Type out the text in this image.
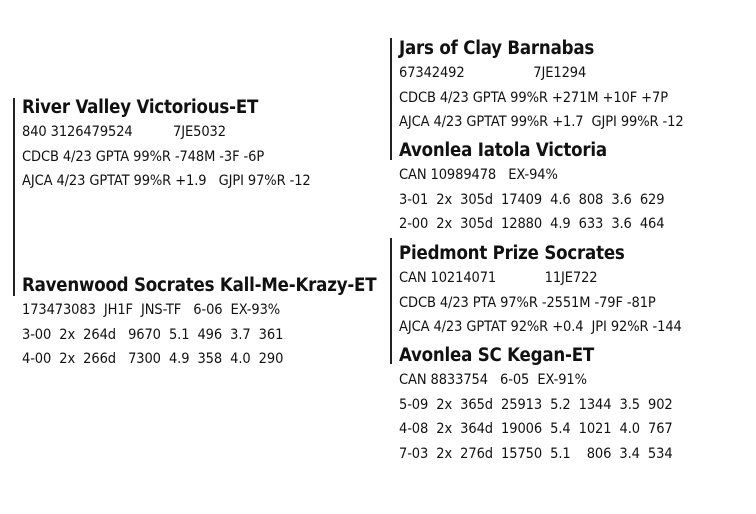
River Valley Victorious-ET
840 3126479524          7JE5032
CDCB 4/23 GPTA 99%R -748M -3F -6P
AJCA 4/23 GPTAT 99%R +1.9   GJPI 97%R -12
Ravenwood Socrates Kall-Me-Krazy-ET
173473083  JH1F  JNS-TF   6-06  EX-93%
3-00  2x  264d   9670  5.1  496  3.7  361
4-00  2x  266d   7300  4.9  358  4.0  290
Jars of Clay Barnabas
67342492                 7JE1294
CDCB 4/23 GPTA 99%R +271M +10F +7P
AJCA 4/23 GPTAT 99%R +1.7  GJPI 99%R -12
Avonlea Iatola Victoria
CAN 10989478   EX-94%
3-01  2x  305d  17409  4.6  808  3.6  629
2-00  2x  305d  12880  4.9  633  3.6  464
Piedmont Prize Socrates
CAN 10214071            11JE722
CDCB 4/23 PTA 97%R -2551M -79F -81P
AJCA 4/23 GPTAT 92%R +0.4  JPI 92%R -144
Avonlea SC Kegan-ET
CAN 8833754   6-05  EX-91%
5-09  2x  365d  25913  5.2  1344  3.5  902
4-08  2x  364d  19006  5.4  1021  4.0  767
7-03  2x  276d  15750  5.1    806  3.4  534
